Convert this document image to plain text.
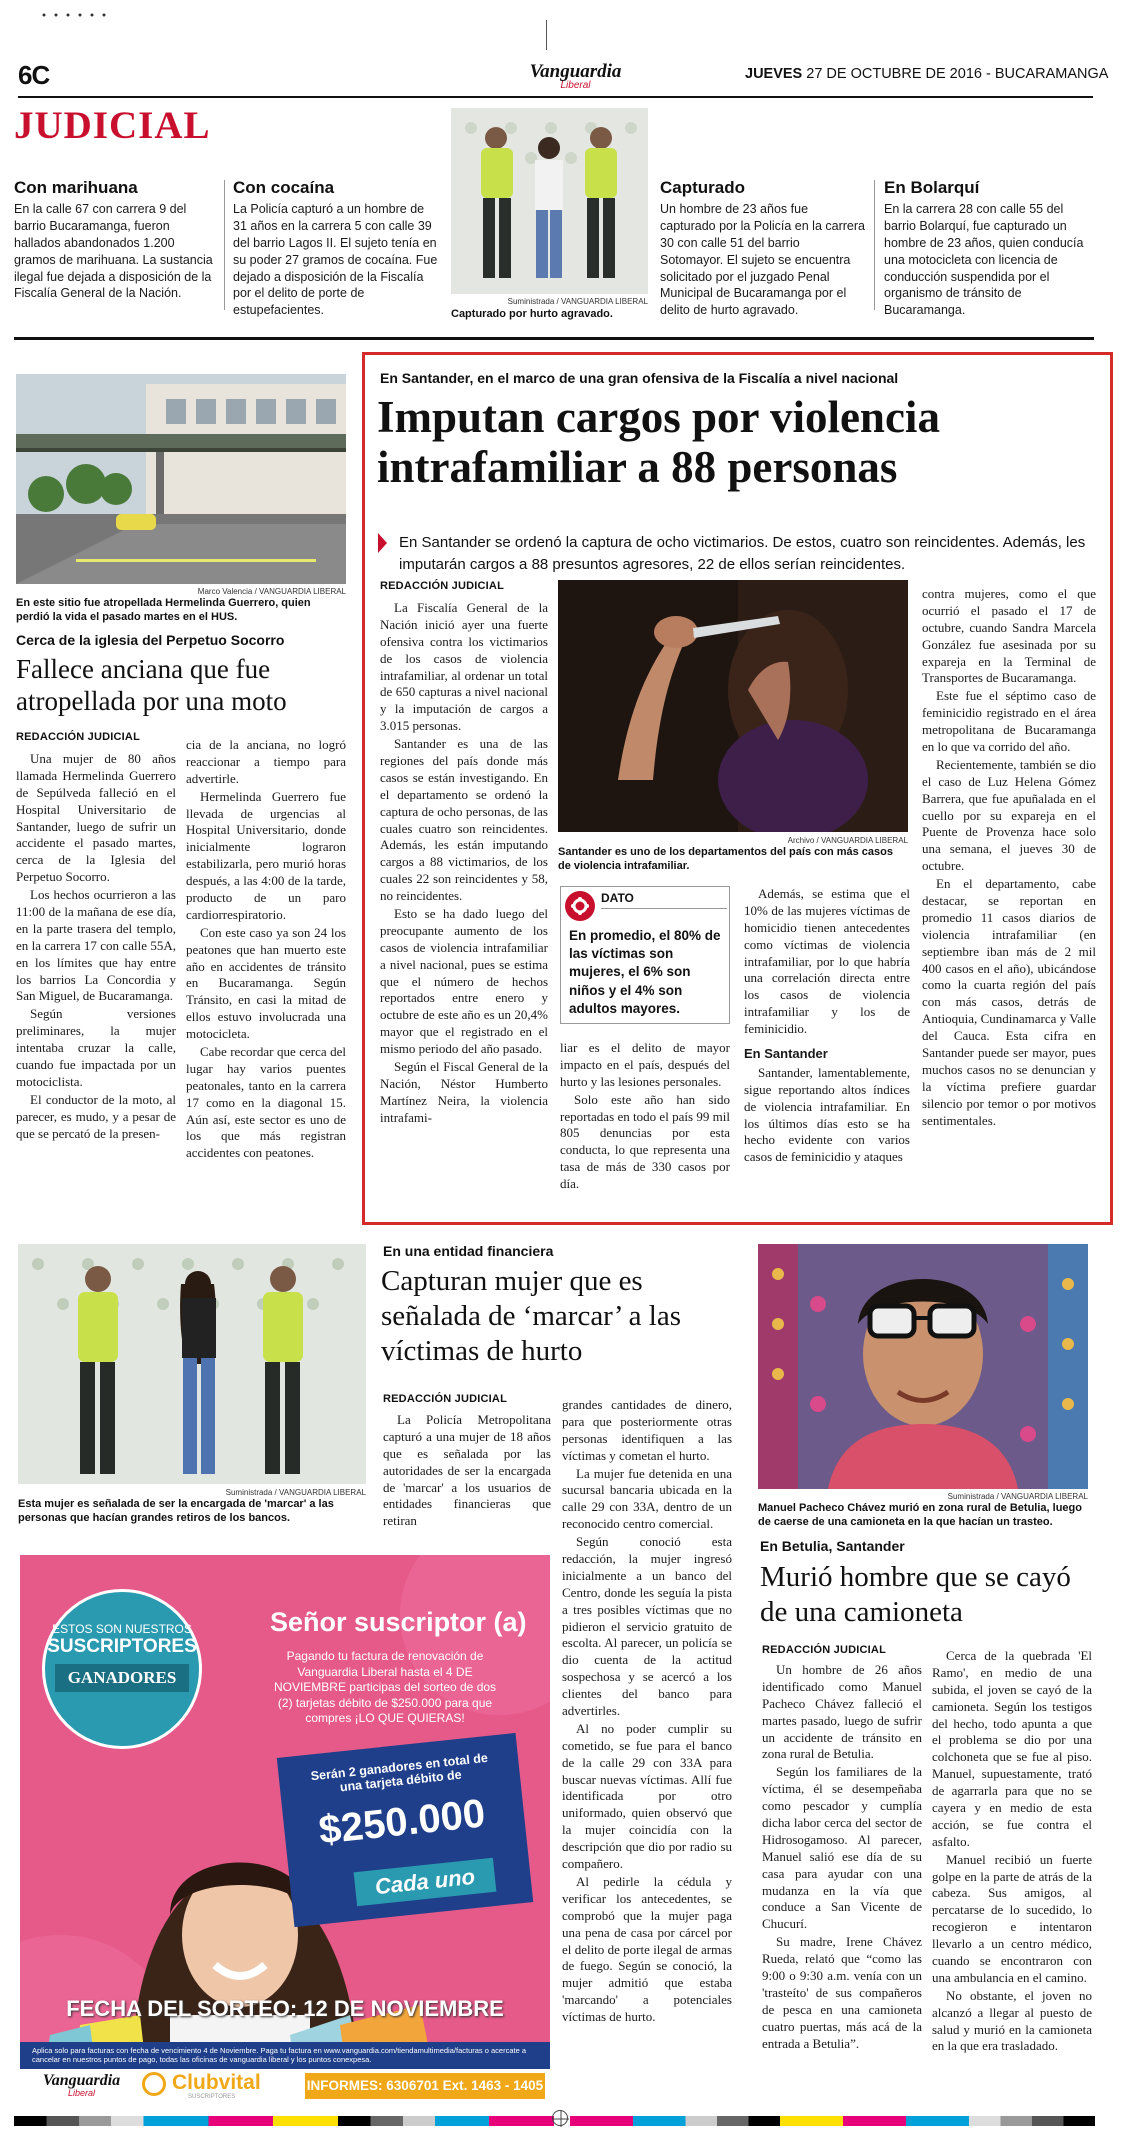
6C
JUDICIAL
Vanguardia
Liberal
JUEVES 27 DE OCTUBRE DE 2016 - BUCARAMANGA
Con marihuana
En la calle 67 con carrera 9 del barrio Bucaramanga, fueron hallados abandonados 1.200 gramos de marihuana. La sustancia ilegal fue dejada a disposición de la Fiscalía General de la Nación.
Con cocaína
La Policía capturó a un hombre de 31 años en la carrera 5 con calle 39 del barrio Lagos II. El sujeto tenía en su poder 27 gramos de cocaína. Fue dejado a disposición de la Fiscalía por el delito de porte de estupefacientes.
Suministrada / VANGUARDIA LIBERAL
Capturado por hurto agravado.
Capturado
Un hombre de 23 años fue capturado por la Policía en la carrera 30 con calle 51 del barrio Sotomayor. El sujeto se encuentra solicitado por el juzgado Penal Municipal de Bucaramanga por el delito de hurto agravado.
En Bolarquí
En la carrera 28 con calle 55 del barrio Bolarquí, fue capturado un hombre de 23 años, quien conducía una motocicleta con licencia de conducción suspendida por el organismo de tránsito de Bucaramanga.
Marco Valencia / VANGUARDIA LIBERAL
En este sitio fue atropellada Hermelinda Guerrero, quien perdió la vida el pasado martes en el HUS.
Cerca de la iglesia del Perpetuo Socorro
Fallece anciana que fue atropellada por una moto
REDACCIÓN JUDICIAL

Una mujer de 80 años llamada Hermelinda Guerrero de Sepúlveda falleció en el Hospital Universitario de Santander, luego de sufrir un accidente el pasado martes, cerca de la Iglesia del Perpetuo Socorro.

Los hechos ocurrieron a las 11:00 de la mañana de ese día, en la parte trasera del templo, en la carrera 17 con calle 55A, en los límites que hay entre los barrios La Concordia y San Miguel, de Bucaramanga.

Según versiones preliminares, la mujer intentaba cruzar la calle, cuando fue impactada por un motociclista.

El conductor de la moto, al parecer, es mudo, y a pesar de que se percató de la presen-

cia de la anciana, no logró reaccionar a tiempo para advertirle.

Hermelinda Guerrero fue llevada de urgencias al Hospital Universitario, donde inicialmente lograron estabilizarla, pero murió horas después, a las 4:00 de la tarde, producto de un paro cardiorrespiratorio.

Con este caso ya son 24 los peatones que han muerto este año en accidentes de tránsito en Bucaramanga. Según Tránsito, en casi la mitad de ellos estuvo involucrada una motocicleta.

Cabe recordar que cerca del lugar hay varios puentes peatonales, tanto en la carrera 17 como en la diagonal 15. Aún así, este sector es uno de los que más registran accidentes con peatones.

En Santander, en el marco de una gran ofensiva de la Fiscalía a nivel nacional
Imputan cargos por violencia
intrafamiliar a 88 personas
En Santander se ordenó la captura de ocho victimarios. De estos, cuatro son reincidentes. Además, les imputarán cargos a 88 presuntos agresores, 22 de ellos serían reincidentes.
REDACCIÓN JUDICIAL

La Fiscalía General de la Nación inició ayer una fuerte ofensiva contra los victimarios de los casos de violencia intrafamiliar, al ordenar un total de 650 capturas a nivel nacional y la imputación de cargos a 3.015 personas.

Santander es una de las regiones del país donde más casos se están investigando. En el departamento se ordenó la captura de ocho personas, de las cuales cuatro son reincidentes. Además, les están imputando cargos a 88 victimarios, de los cuales 22 son reincidentes y 58, no reincidentes.

Esto se ha dado luego del preocupante aumento de los casos de violencia intrafamiliar a nivel nacional, pues se estima que el número de hechos reportados entre enero y octubre de este año es un 20,4% mayor que el registrado en el mismo periodo del año pasado.

Según el Fiscal General de la Nación, Néstor Humberto Martínez Neira, la violencia intrafami-

Archivo / VANGUARDIA LIBERAL
Santander es uno de los departamentos del país con más casos de violencia intrafamiliar.
DATO
En promedio, el 80% de las víctimas son mujeres, el 6% son niños y el 4% son adultos mayores.

liar es el delito de mayor impacto en el país, después del hurto y las lesiones personales.

Solo este año han sido reportadas en todo el país 99 mil 805 denuncias por esta conducta, lo que representa una tasa de más de 330 casos por día.

Además, se estima que el 10% de las mujeres víctimas de homicidio tienen antecedentes como víctimas de violencia intrafamiliar, por lo que habría una correlación directa entre los casos de violencia intrafamiliar y los de feminicidio.

En Santander

Santander, lamentablemente, sigue reportando altos índices de violencia intrafamiliar. En los últimos días esto se ha hecho evidente con varios casos de feminicidio y ataques

contra mujeres, como el que ocurrió el pasado el 17 de octubre, cuando Sandra Marcela González fue asesinada por su expareja en la Terminal de Transportes de Bucaramanga.

Este fue el séptimo caso de feminicidio registrado en el área metropolitana de Bucaramanga en lo que va corrido del año.

Recientemente, también se dio el caso de Luz Helena Gómez Barrera, que fue apuñalada en el cuello por su expareja en el Puente de Provenza hace solo una semana, el jueves 30 de octubre.

En el departamento, cabe destacar, se reportan en promedio 11 casos diarios de violencia intrafamiliar (en septiembre iban más de 2 mil 400 casos en el año), ubicándose como la cuarta región del país con más casos, detrás de Antioquia, Cundinamarca y Valle del Cauca. Esta cifra en Santander puede ser mayor, pues muchos casos no se denuncian y la víctima prefiere guardar silencio por temor o por motivos sentimentales.

Suministrada / VANGUARDIA LIBERAL
Esta mujer es señalada de ser la encargada de 'marcar' a las personas que hacían grandes retiros de los bancos.
En una entidad financiera
Capturan mujer que es señalada de ‘marcar’ a las víctimas de hurto
REDACCIÓN JUDICIAL

La Policía Metropolitana capturó a una mujer de 18 años que es señalada por las autoridades de ser la encargada de 'marcar' a los usuarios de entidades financieras que retiran

grandes cantidades de dinero, para que posteriormente otras personas identifiquen a las víctimas y cometan el hurto.

La mujer fue detenida en una sucursal bancaria ubicada en la calle 29 con 33A, dentro de un reconocido centro comercial.

Según conoció esta redacción, la mujer ingresó inicialmente a un banco del Centro, donde les seguía la pista a tres posibles víctimas que no pidieron el servicio gratuito de escolta. Al parecer, un policía se dio cuenta de la actitud sospechosa y se acercó a los clientes del banco para advertirles.

Al no poder cumplir su cometido, se fue para el banco de la calle 29 con 33A para buscar nuevas víctimas. Allí fue identificada por otro uniformado, quien observó que la mujer coincidía con la descripción que dio por radio su compañero.

Al pedirle la cédula y verificar los antecedentes, se comprobó que la mujer paga una pena de casa por cárcel por el delito de porte ilegal de armas de fuego. Según se conoció, la mujer admitió que estaba 'marcando' a potenciales víctimas de hurto.

ESTOS SON NUESTROS
SUSCRIPTORES
GANADORES
Señor suscriptor (a)
Pagando tu factura de renovación de Vanguardia Liberal hasta el 4 DE NOVIEMBRE participas del sorteo de dos (2) tarjetas débito de $250.000 para que compres ¡LO QUE QUIERAS!
Serán 2 ganadores en total de una tarjeta débito de
$250.000
Cada uno
FECHA DEL SORTEO: 12 DE NOVIEMBRE
Aplica solo para facturas con fecha de vencimiento 4 de Noviembre. Paga tu factura en www.vanguardia.com/tiendamultimedia/facturas o acercate a cancelar en nuestros puntos de pago, todas las oficinas de vanguardia liberal y los puntos conexpesa.
Vanguardia
Liberal	Clubvital
SUSCRIPTORES
INFORMES: 6306701 Ext. 1463 - 1405
Suministrada / VANGUARDIA LIBERAL
Manuel Pacheco Chávez murió en zona rural de Betulia, luego de caerse de una camioneta en la que hacían un trasteo.
En Betulia, Santander
Murió hombre que se cayó de una camioneta
REDACCIÓN JUDICIAL

Un hombre de 26 años identificado como Manuel Pacheco Chávez falleció el martes pasado, luego de sufrir un accidente de tránsito en zona rural de Betulia.

Según los familiares de la víctima, él se desempeñaba como pescador y cumplía dicha labor cerca del sector de Hidrosogamoso. Al parecer, Manuel salió ese día de su casa para ayudar con una mudanza en la vía que conduce a San Vicente de Chucurí.

Su madre, Irene Chávez Rueda, relató que “como las 9:00 o 9:30 a.m. venía con un 'trasteíto' de sus compañeros de pesca en una camioneta cuatro puertas, más acá de la entrada a Betulia”.

Cerca de la quebrada 'El Ramo', en medio de una subida, el joven se cayó de la camioneta. Según los testigos del hecho, todo apunta a que el problema se dio por una colchoneta que se fue al piso. Manuel, supuestamente, trató de agarrarla para que no se cayera y en medio de esta acción, se fue contra el asfalto.

Manuel recibió un fuerte golpe en la parte de atrás de la cabeza. Sus amigos, al percatarse de lo sucedido, lo recogieron e intentaron llevarlo a un centro médico, cuando se encontraron con una ambulancia en el camino.

No obstante, el joven no alcanzó a llegar al puesto de salud y murió en la camioneta en la que era trasladado.
